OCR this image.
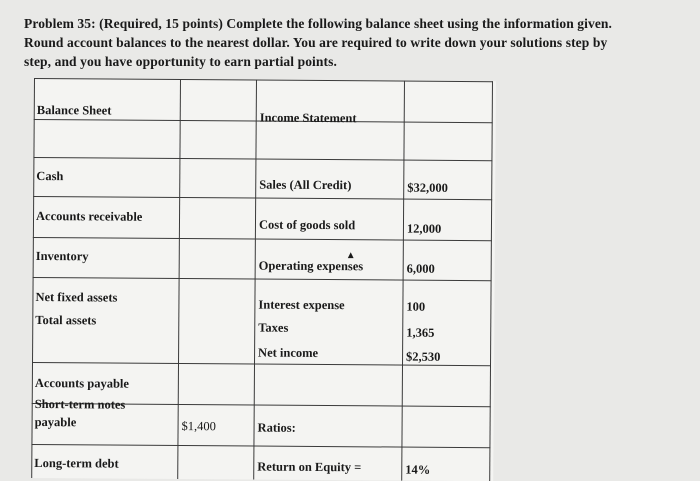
Problem 35: (Required, 15 points) Complete the following balance sheet using the information given.
Round account balances to the nearest dollar. You are required to write down your solutions step by
step, and you have opportunity to earn partial points.
Balance Sheet
Cash
Accounts receivable
Inventory
Net fixed assets
Total assets
Accounts payable
Short-term notes
payable
Long-term debt
$1,400
Income Statement
Sales (All Credit)
Cost of goods sold
Operating expenses
▲
Interest expense
Taxes
Net income
Ratios:
Return on Equity =
$32,000
12,000
6,000
100
1,365
$2,530
14%
